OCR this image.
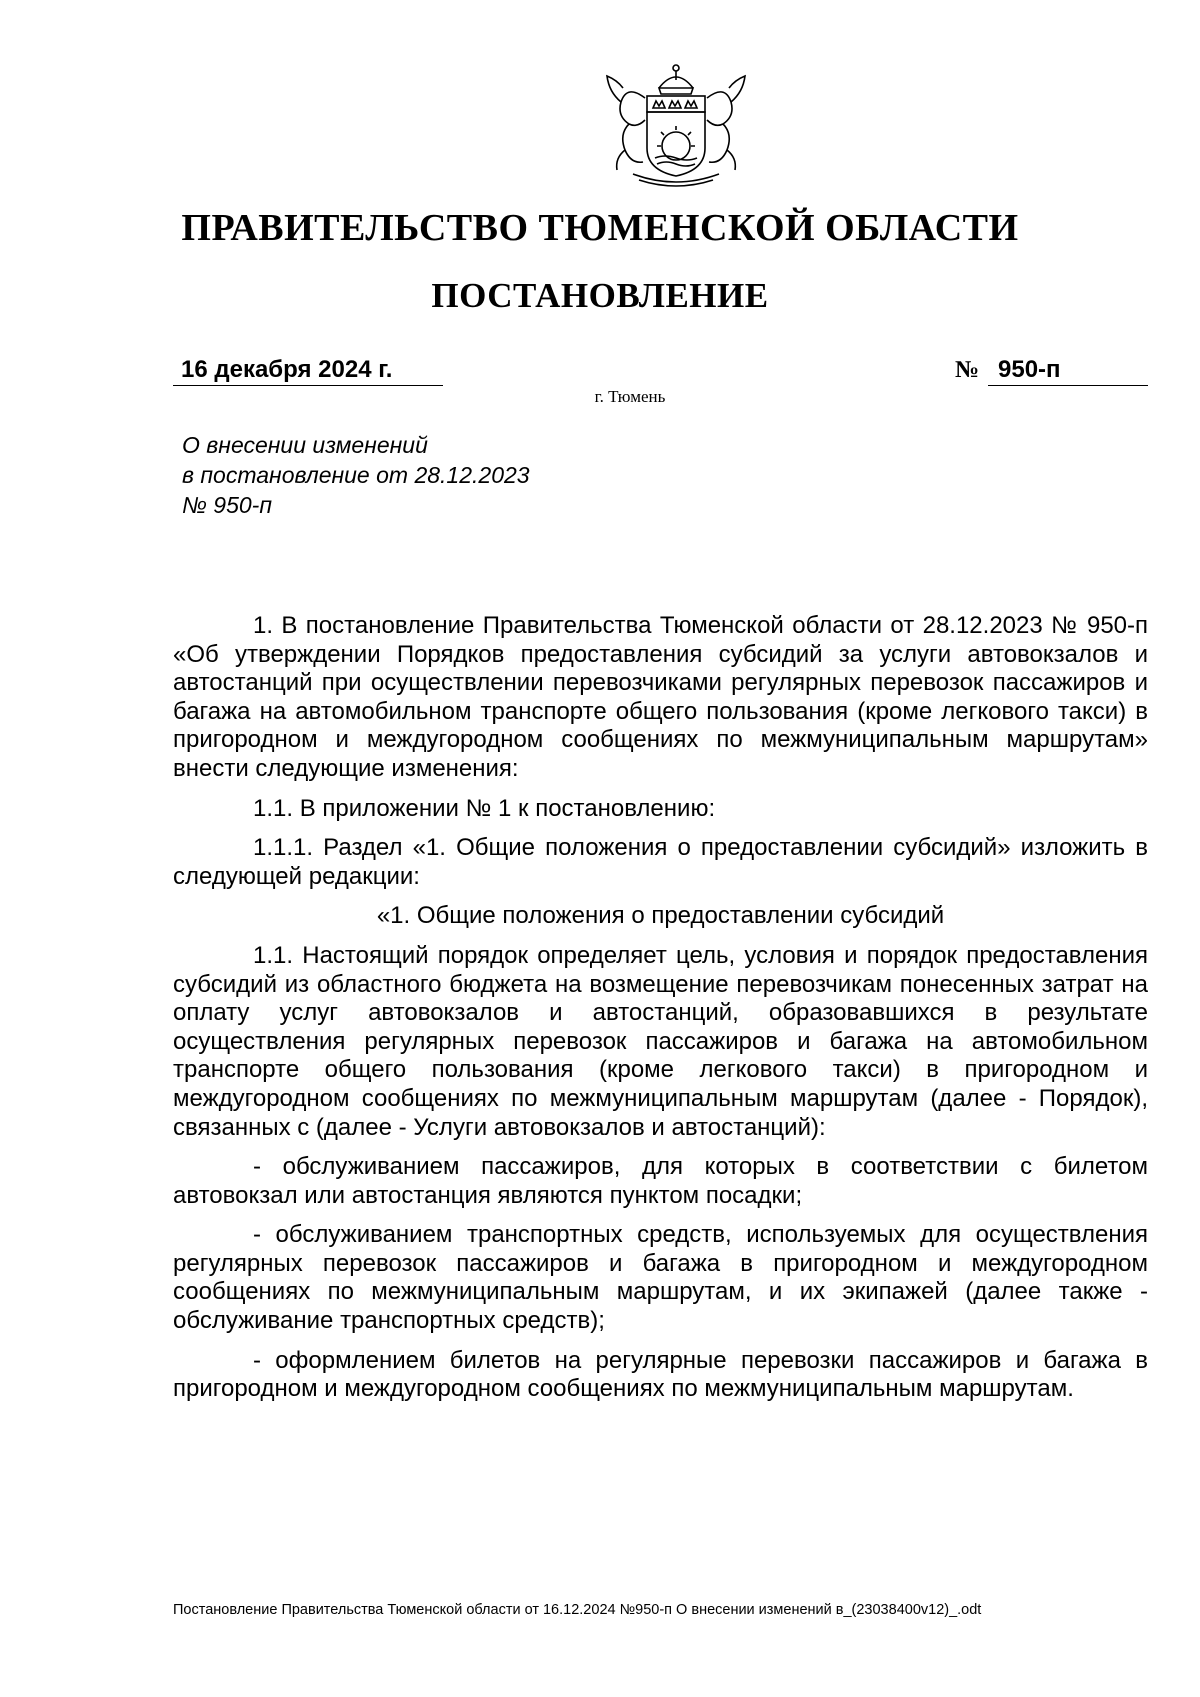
ПРАВИТЕЛЬСТВО ТЮМЕНСКОЙ ОБЛАСТИ
ПОСТАНОВЛЕНИЕ
16 декабря 2024 г.	№ 950-п
г. Тюмень
О внесении изменений
в постановление от 28.12.2023
№ 950-п

1. В постановление Правительства Тюменской области от 28.12.2023 № 950-п «Об утверждении Порядков предоставления субсидий за услуги автовокзалов и автостанций при осуществлении перевозчиками регулярных перевозок пассажиров и багажа на автомобильном транспорте общего пользования (кроме легкового такси) в пригородном и междугородном сообщениях по межмуниципальным маршрутам» внести следующие изменения:

1.1. В приложении № 1 к постановлению:

1.1.1. Раздел «1. Общие положения о предоставлении субсидий» изложить в следующей редакции:

«1. Общие положения о предоставлении субсидий

1.1. Настоящий порядок определяет цель, условия и порядок предоставления субсидий из областного бюджета на возмещение перевозчикам понесенных затрат на оплату услуг автовокзалов и автостанций, образовавшихся в результате осуществления регулярных перевозок пассажиров и багажа на автомобильном транспорте общего пользования (кроме легкового такси) в пригородном и междугородном сообщениях по межмуниципальным маршрутам (далее - Порядок), связанных с (далее - Услуги автовокзалов и автостанций):

- обслуживанием пассажиров, для которых в соответствии с билетом автовокзал или автостанция являются пунктом посадки;

- обслуживанием транспортных средств, используемых для осуществления регулярных перевозок пассажиров и багажа в пригородном и междугородном сообщениях по межмуниципальным маршрутам, и их экипажей (далее также - обслуживание транспортных средств);

- оформлением билетов на регулярные перевозки пассажиров и багажа в пригородном и междугородном сообщениях по межмуниципальным маршрутам.

Постановление Правительства Тюменской области от 16.12.2024 №950-п О внесении изменений в_(23038400v12)_.odt
